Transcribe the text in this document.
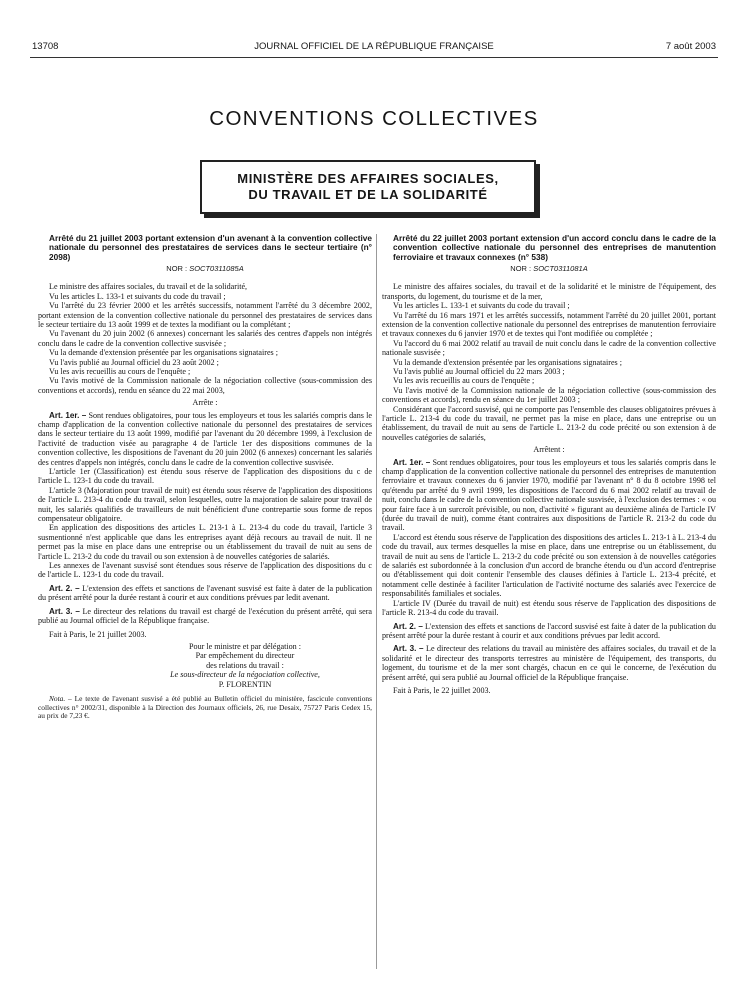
13708	JOURNAL OFFICIEL DE LA RÉPUBLIQUE FRANÇAISE	7 août 2003
CONVENTIONS COLLECTIVES
MINISTÈRE DES AFFAIRES SOCIALES,
DU TRAVAIL ET DE LA SOLIDARITÉ

Arrêté du 21 juillet 2003 portant extension d'un avenant à la convention collective nationale du personnel des prestataires de services dans le secteur tertiaire (n° 2098)

NOR : SOCT0311085A

Le ministre des affaires sociales, du travail et de la solidarité,

Vu les articles L. 133-1 et suivants du code du travail ;

Vu l'arrêté du 23 février 2000 et les arrêtés successifs, notamment l'arrêté du 3 décembre 2002, portant extension de la convention collective nationale du personnel des prestataires de services dans le secteur tertiaire du 13 août 1999 et de textes la modifiant ou la complétant ;

Vu l'avenant du 20 juin 2002 (6 annexes) concernant les salariés des centres d'appels non intégrés conclu dans le cadre de la convention collective susvisée ;

Vu la demande d'extension présentée par les organisations signataires ;

Vu l'avis publié au Journal officiel du 23 août 2002 ;

Vu les avis recueillis au cours de l'enquête ;

Vu l'avis motivé de la Commission nationale de la négociation collective (sous-commission des conventions et accords), rendu en séance du 22 mai 2003,

Arrête :

Art. 1er. – Sont rendues obligatoires, pour tous les employeurs et tous les salariés compris dans le champ d'application de la convention collective nationale du personnel des prestataires de services dans le secteur tertiaire du 13 août 1999, modifié par l'avenant du 20 décembre 1999, à l'exclusion de l'activité de traduction visée au paragraphe 4 de l'article 1er des dispositions communes de la convention collective, les dispositions de l'avenant du 20 juin 2002 (6 annexes) concernant les salariés des centres d'appels non intégrés, conclu dans le cadre de la convention collective susvisée.

L'article 1er (Classification) est étendu sous réserve de l'application des dispositions du c de l'article L. 123-1 du code du travail.

L'article 3 (Majoration pour travail de nuit) est étendu sous réserve de l'application des dispositions de l'article L. 213-4 du code du travail, selon lesquelles, outre la majoration de salaire pour travail de nuit, les salariés qualifiés de travailleurs de nuit bénéficient d'une contrepartie sous forme de repos compensateur obligatoire.

En application des dispositions des articles L. 213-1 à L. 213-4 du code du travail, l'article 3 susmentionné n'est applicable que dans les entreprises ayant déjà recours au travail de nuit. Il ne permet pas la mise en place dans une entreprise ou un établissement du travail de nuit au sens de l'article L. 213-2 du code du travail ou son extension à de nouvelles catégories de salariés.

Les annexes de l'avenant susvisé sont étendues sous réserve de l'application des dispositions du c de l'article L. 123-1 du code du travail.

Art. 2. – L'extension des effets et sanctions de l'avenant susvisé est faite à dater de la publication du présent arrêté pour la durée restant à courir et aux conditions prévues par ledit avenant.

Art. 3. – Le directeur des relations du travail est chargé de l'exécution du présent arrêté, qui sera publié au Journal officiel de la République française.

Fait à Paris, le 21 juillet 2003.

Pour le ministre et par délégation :

Par empêchement du directeur

des relations du travail :

Le sous-directeur de la négociation collective,

P. FLORENTIN

Nota. – Le texte de l'avenant susvisé a été publié au Bulletin officiel du ministère, fascicule conventions collectives n° 2002/31, disponible à la Direction des Journaux officiels, 26, rue Desaix, 75727 Paris Cedex 15, au prix de 7,23 €.

Arrêté du 22 juillet 2003 portant extension d'un accord conclu dans le cadre de la convention collective nationale du personnel des entreprises de manutention ferroviaire et travaux connexes (n° 538)

NOR : SOCT0311081A

Le ministre des affaires sociales, du travail et de la solidarité et le ministre de l'équipement, des transports, du logement, du tourisme et de la mer,

Vu les articles L. 133-1 et suivants du code du travail ;

Vu l'arrêté du 16 mars 1971 et les arrêtés successifs, notamment l'arrêté du 20 juillet 2001, portant extension de la convention collective nationale du personnel des entreprises de manutention ferroviaire et travaux connexes du 6 janvier 1970 et de textes qui l'ont modifiée ou complétée ;

Vu l'accord du 6 mai 2002 relatif au travail de nuit conclu dans le cadre de la convention collective nationale susvisée ;

Vu la demande d'extension présentée par les organisations signataires ;

Vu l'avis publié au Journal officiel du 22 mars 2003 ;

Vu les avis recueillis au cours de l'enquête ;

Vu l'avis motivé de la Commission nationale de la négociation collective (sous-commission des conventions et accords), rendu en séance du 1er juillet 2003 ;

Considérant que l'accord susvisé, qui ne comporte pas l'ensemble des clauses obligatoires prévues à l'article L. 213-4 du code du travail, ne permet pas la mise en place, dans une entreprise ou un établissement, du travail de nuit au sens de l'article L. 213-2 du code précité ou son extension à de nouvelles catégories de salariés,

Arrêtent :

Art. 1er. – Sont rendues obligatoires, pour tous les employeurs et tous les salariés compris dans le champ d'application de la convention collective nationale du personnel des entreprises de manutention ferroviaire et travaux connexes du 6 janvier 1970, modifié par l'avenant n° 8 du 8 octobre 1998 tel qu'étendu par arrêté du 9 avril 1999, les dispositions de l'accord du 6 mai 2002 relatif au travail de nuit, conclu dans le cadre de la convention collective nationale susvisée, à l'exclusion des termes : « ou pour faire face à un surcroît prévisible, ou non, d'activité » figurant au deuxième alinéa de l'article IV (durée du travail de nuit), comme étant contraires aux dispositions de l'article R. 213-2 du code du travail.

L'accord est étendu sous réserve de l'application des dispositions des articles L. 213-1 à L. 213-4 du code du travail, aux termes desquelles la mise en place, dans une entreprise ou un établissement, du travail de nuit au sens de l'article L. 213-2 du code précité ou son extension à de nouvelles catégories de salariés est subordonnée à la conclusion d'un accord de branche étendu ou d'un accord d'entreprise ou d'établissement qui doit contenir l'ensemble des clauses définies à l'article L. 213-4 précité, et notamment celle destinée à faciliter l'articulation de l'activité nocturne des salariés avec l'exercice de responsabilités familiales et sociales.

L'article IV (Durée du travail de nuit) est étendu sous réserve de l'application des dispositions de l'article R. 213-4 du code du travail.

Art. 2. – L'extension des effets et sanctions de l'accord susvisé est faite à dater de la publication du présent arrêté pour la durée restant à courir et aux conditions prévues par ledit accord.

Art. 3. – Le directeur des relations du travail au ministère des affaires sociales, du travail et de la solidarité et le directeur des transports terrestres au ministère de l'équipement, des transports, du logement, du tourisme et de la mer sont chargés, chacun en ce qui le concerne, de l'exécution du présent arrêté, qui sera publié au Journal officiel de la République française.

Fait à Paris, le 22 juillet 2003.
